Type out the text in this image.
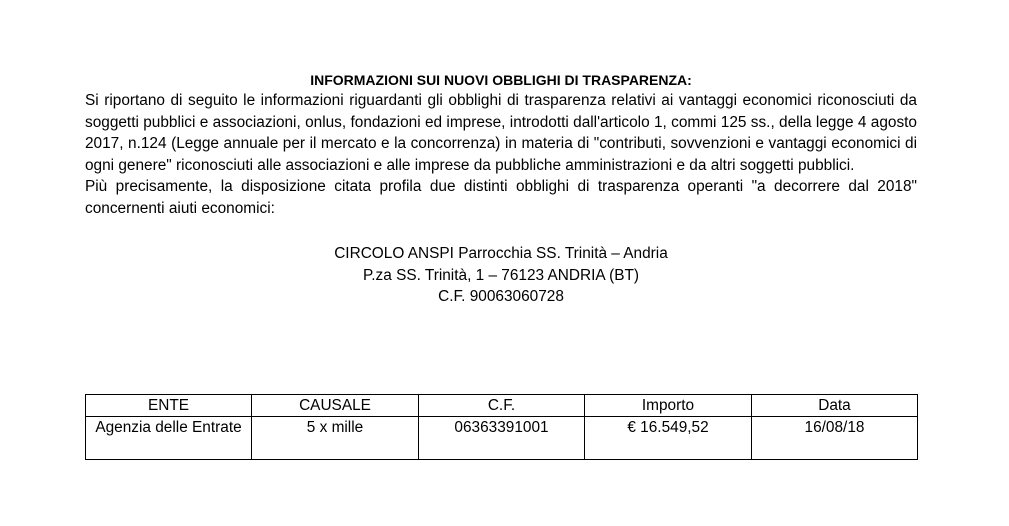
INFORMAZIONI SUI NUOVI OBBLIGHI DI TRASPARENZA:

Si riportano di seguito le informazioni riguardanti gli obblighi di trasparenza relativi ai vantaggi economici riconosciuti da soggetti pubblici e associazioni, onlus, fondazioni ed imprese, introdotti dall'articolo 1, commi 125 ss., della legge 4 agosto 2017, n.124 (Legge annuale per il mercato e la concorrenza) in materia di "contributi, sovvenzioni e vantaggi economici di ogni genere" riconosciuti alle associazioni e alle imprese da pubbliche amministrazioni e da altri soggetti pubblici.

Più precisamente, la disposizione citata profila due distinti obblighi di trasparenza operanti "a decorrere dal 2018" concernenti aiuti economici:

CIRCOLO ANSPI Parrocchia SS. Trinità – Andria
P.za SS. Trinità, 1 – 76123 ANDRIA (BT)
C.F. 90063060728
ENTE	CAUSALE	C.F.	Importo	Data
Agenzia delle Entrate	5 x mille	06363391001	€ 16.549,52	16/08/18
